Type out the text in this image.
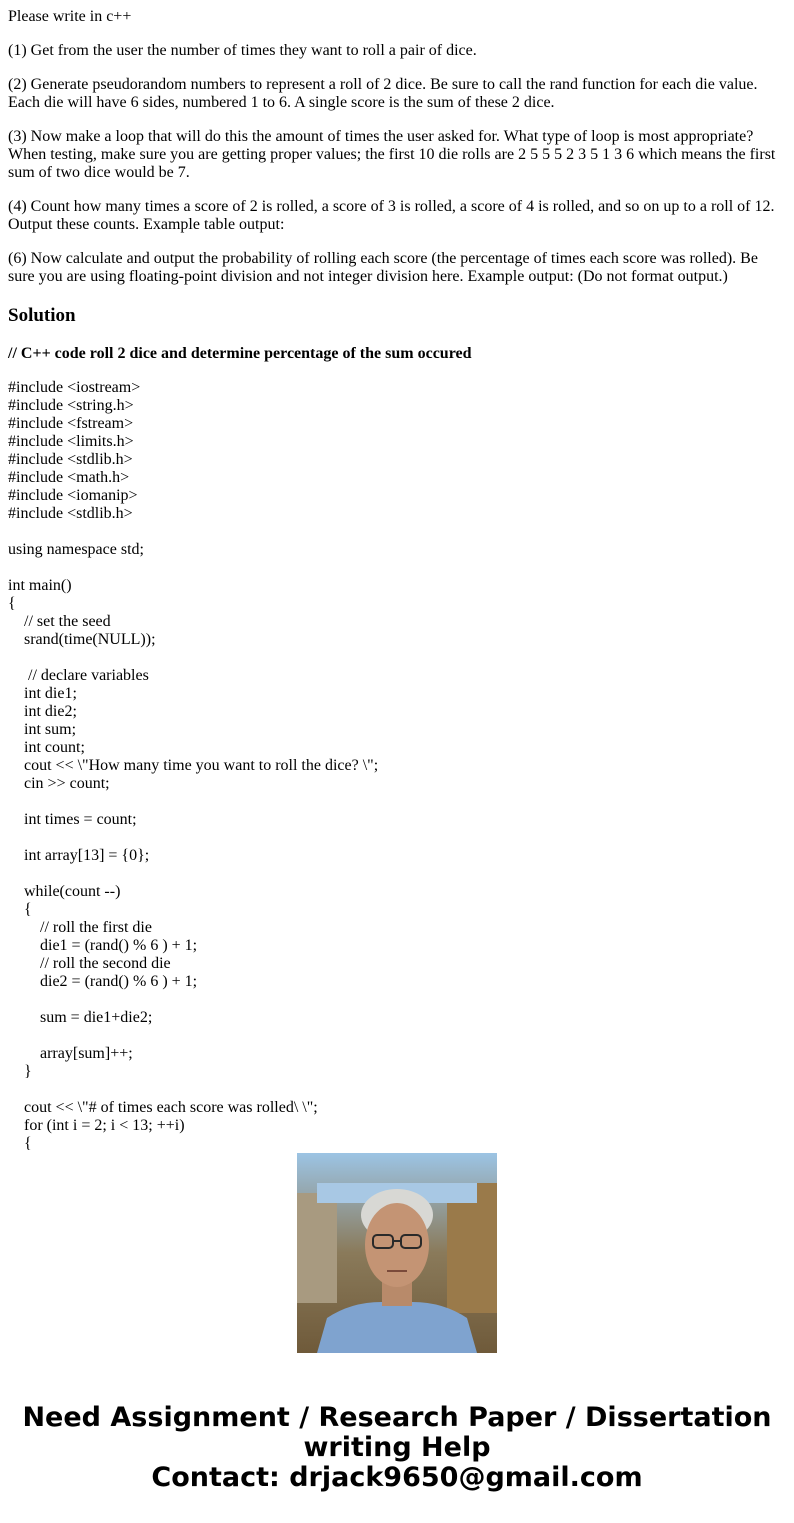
Please write in c++

(1) Get from the user the number of times they want to roll a pair of dice.

(2) Generate pseudorandom numbers to represent a roll of 2 dice. Be sure to call the rand function for each die value. Each die will have 6 sides, numbered 1 to 6. A single score is the sum of these 2 dice.

(3) Now make a loop that will do this the amount of times the user asked for. What type of loop is most appropriate? When testing, make sure you are getting proper values; the first 10 die rolls are 2 5 5 5 2 3 5 1 3 6 which means the first sum of two dice would be 7.

(4) Count how many times a score of 2 is rolled, a score of 3 is rolled, a score of 4 is rolled, and so on up to a roll of 12. Output these counts. Example table output:

(6) Now calculate and output the probability of rolling each score (the percentage of times each score was rolled). Be sure you are using floating-point division and not integer division here. Example output: (Do not format output.)

Solution

// C++ code roll 2 dice and determine percentage of the sum occured

#include <iostream>
#include <string.h>
#include <fstream>
#include <limits.h>
#include <stdlib.h>
#include <math.h>
#include <iomanip>
#include <stdlib.h>

using namespace std;

int main()
{
// set the seed
srand(time(NULL));

// declare variables
int die1;
int die2;
int sum;
int count;
cout << \"How many time you want to roll the dice? \";
cin >> count;

int times = count;

int array[13] = {0};

while(count --)
{
// roll the first die
die1 = (rand() % 6 ) + 1;
// roll the second die
die2 = (rand() % 6 ) + 1;

sum = die1+die2;

array[sum]++;
}

cout << \"# of times each score was rolled\ \";
for (int i = 2; i < 13; ++i)
{
Need Assignment / Research Paper / Dissertation
writing Help
Contact: drjack9650@gmail.com
